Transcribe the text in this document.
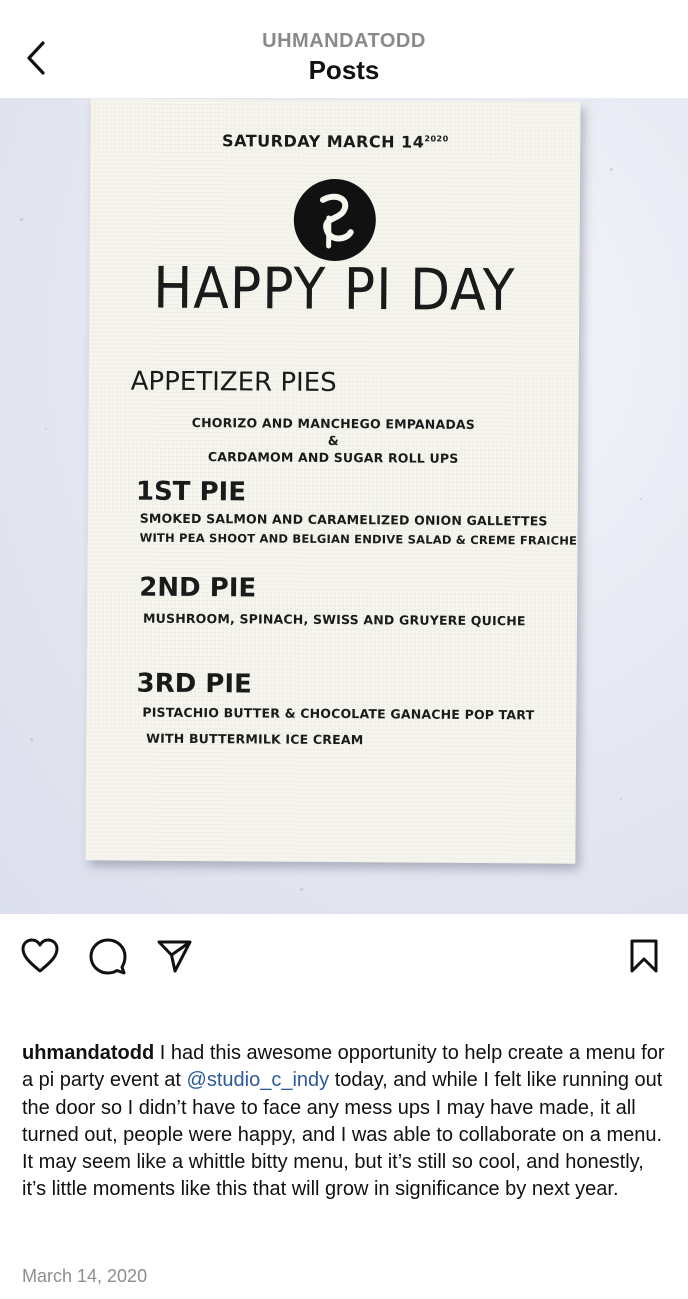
UHMANDATODD
Posts
SATURDAY MARCH $14^{2020}$
HAPPY PI DAY
APPETIZER PIES
CHORIZO AND MANCHEGO EMPANADAS
&
CARDAMOM AND SUGAR ROLL UPS
1ST PIE
SMOKED SALMON AND CARAMELIZED ONION GALLETTES
WITH PEA SHOOT AND BELGIAN ENDIVE SALAD & CREME FRAICHE
2ND PIE
MUSHROOM, SPINACH, SWISS AND GRUYERE QUICHE
3RD PIE
PISTACHIO BUTTER & CHOCOLATE GANACHE POP TART
WITH BUTTERMILK ICE CREAM
uhmandatodd I had this awesome opportunity to help create a menu for a pi party event at @studio_c_indy today, and while I felt like running out the door so I didn’t have to face any mess ups I may have made, it all turned out, people were happy, and I was able to collaborate on a menu. It may seem like a whittle bitty menu, but it’s still so cool, and honestly, it’s little moments like this that will grow in significance by next year.
March 14, 2020
